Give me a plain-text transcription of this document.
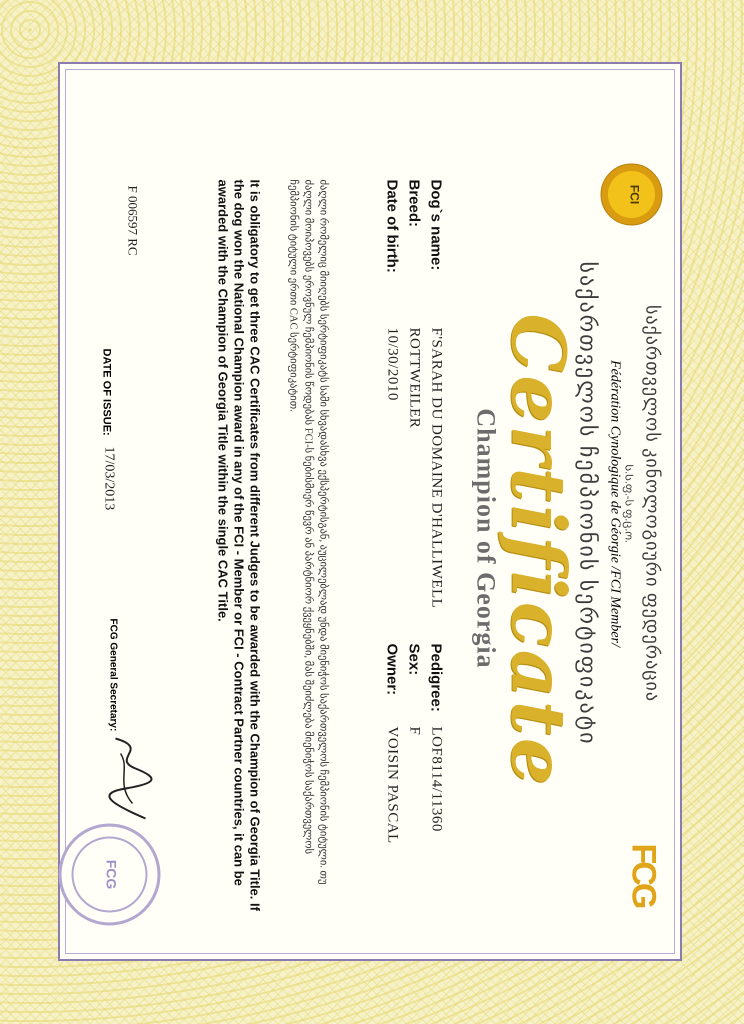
FCI
FCG
საქართველოს კინოლოგიური ფედერაცია
Ს.Ს.ფ.-ს ფ.ც.ო.
Fédération Cynologique de Géorgie /FCI Member/
საქართველოს ჩემპიონის სერტიფიკატი
Certificate
Champion of Georgia
Dog`s name:
F'SARAH DU DOMAINE D'HALLIWELL
Breed:
ROTTWEILER
Date of birth:
10/30/2010
Pedigree:
LOF8114/11360
Sex:
F
Owner:
VOISIN PASCAL
ძაღლი რომელიც მიიღებს სერტიფიკატს სამი სხვადასხვა ექსპერტისგან, აუცილებლად უნდა მიენიჭოს საქართველოს ჩემპიონის ტიტული. თუ ძაღლი მოიპოვებს ეროვნულ ჩემპიონის წოდებას FCI-ს ნებისმიერ წევრ ან პარტნიორ ქვეყნებში, მას შეიძლება მიენიჭოს საქართველოს ჩემპიონის ტიტული ერთი CAC სერტიფიკატით.
It is obligatory to get three CAC Certificates from different Judges to be awarded with the Champion of Georgia Title. If the dog won the National Champion award in any of the FCI - Member or FCI - Contract Partner countries, it can be awarded with the Champion of Georgia Title within the single CAC Title.
F 006597 RC
DATE OF ISSUE:
17/03/2013
FCG General Secretary:
FCG
